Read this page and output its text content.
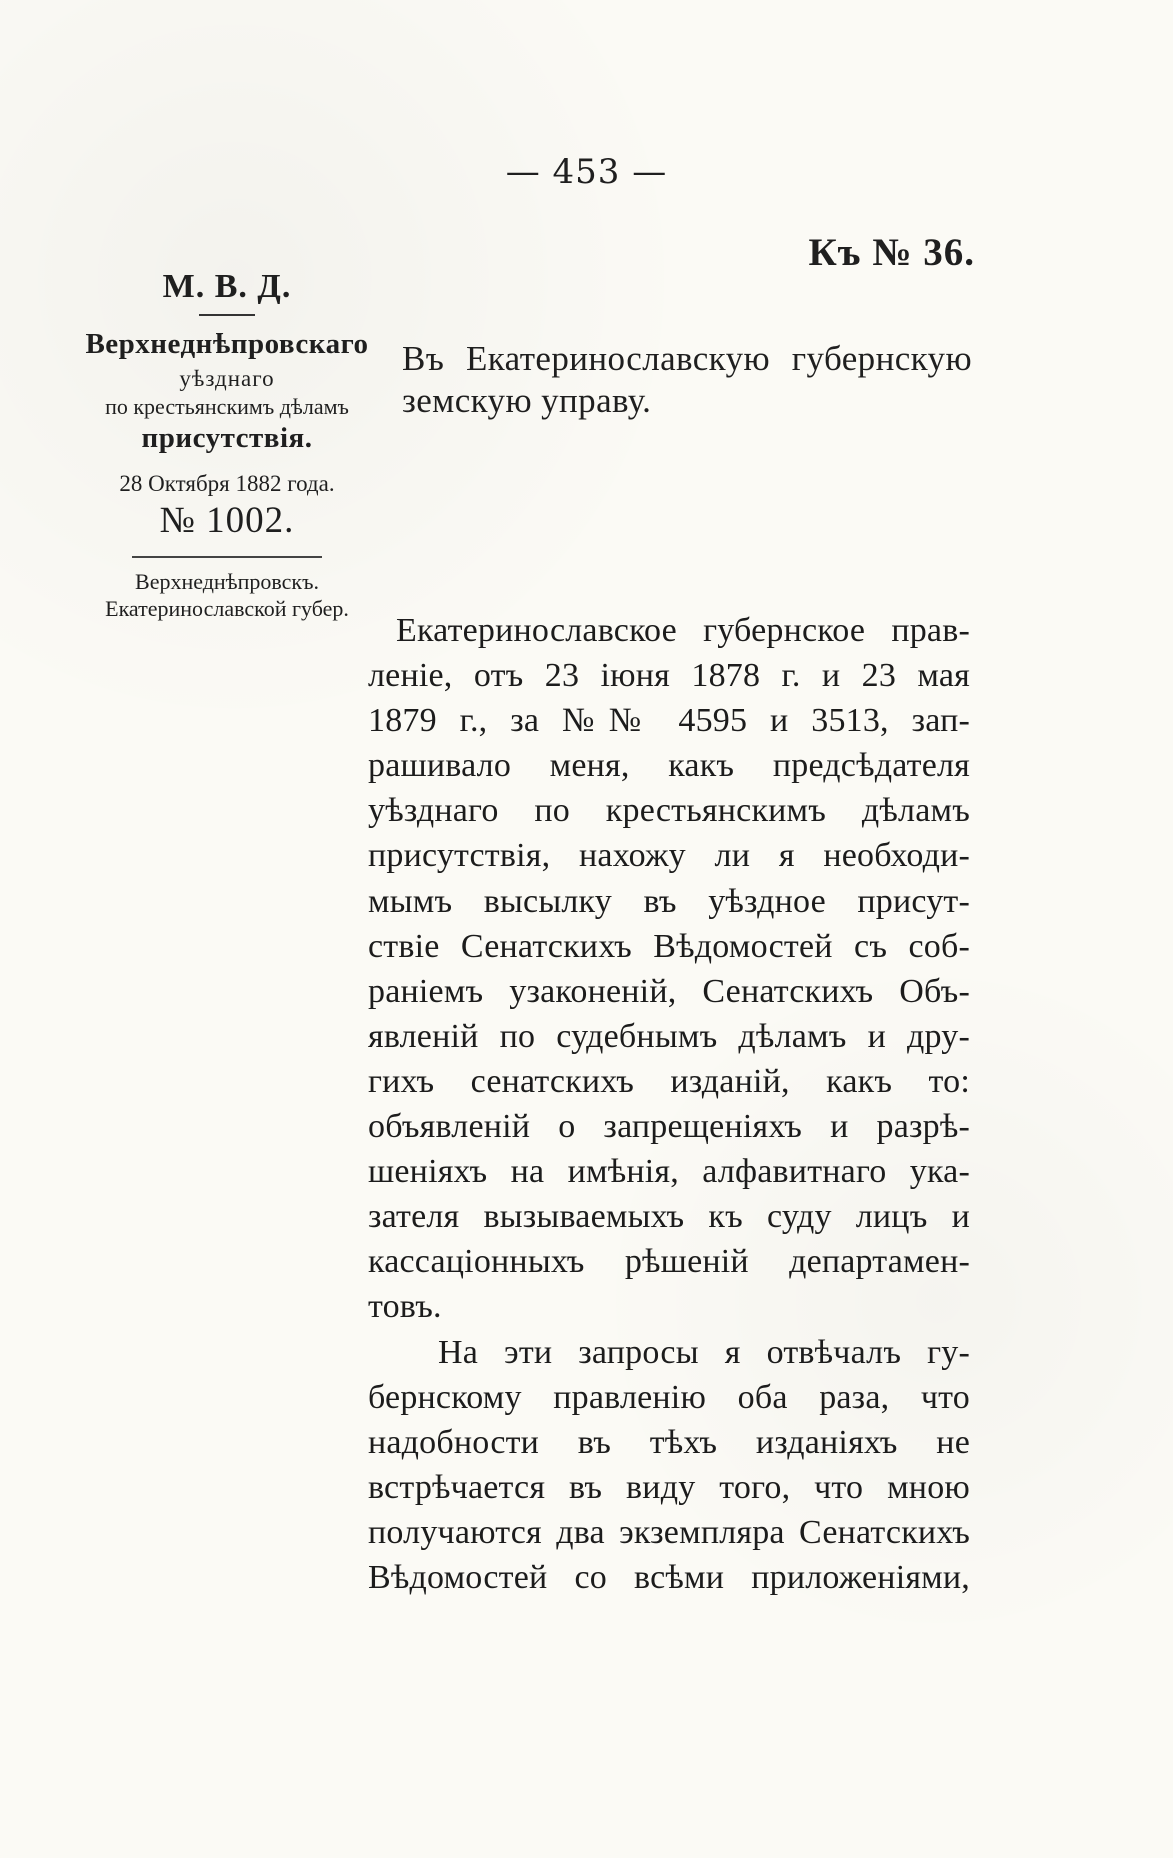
— 453 —
Къ № 36.
М. В. Д.
Верхнеднѣпровскаго
уѣзднаго
по крестьянскимъ дѣламъ
присутствія.
28 Октября 1882 года.
№ 1002.
Верхнеднѣпровскъ.
Екатеринославской губер.
Въ Екатеринославскую губернскую
земскую управу.
Екатеринославское губернское прав-
леніе, отъ 23 іюня 1878 г. и 23 мая
1879 г., за №№ 4595 и 3513, зап-
рашивало меня, какъ предсѣдателя
уѣзднаго по крестьянскимъ дѣламъ
присутствія, нахожу ли я необходи-
мымъ высылку въ уѣздное присут-
ствіе Сенатскихъ Вѣдомостей съ соб-
раніемъ узаконеній, Сенатскихъ Объ-
явленій по судебнымъ дѣламъ и дру-
гихъ сенатскихъ изданій, какъ то:
объявленій о запрещеніяхъ и разрѣ-
шеніяхъ на имѣнія, алфавитнаго ука-
зателя вызываемыхъ къ суду лицъ и
кассаціонныхъ рѣшеній департамен-
товъ.
На эти запросы я отвѣчалъ гу-
бернскому правленію оба раза, что
надобности въ тѣхъ изданіяхъ не
встрѣчается въ виду того, что мною
получаются два экземпляра Сенатскихъ
Вѣдомостей со всѣми приложеніями,
